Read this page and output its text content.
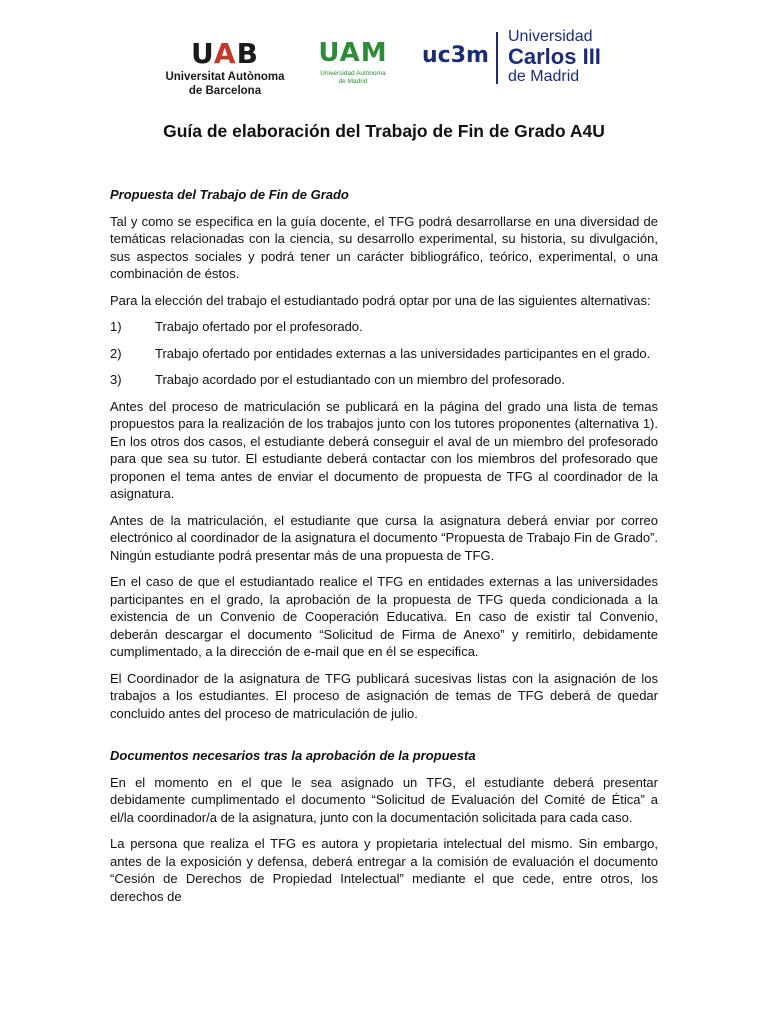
UAB
Universitat Autònoma
de Barcelona
UAM
Universidad Autónoma
de Madrid
uc3m
Universidad
Carlos III
de Madrid
Guía de elaboración del Trabajo de Fin de Grado A4U

Propuesta del Trabajo de Fin de Grado

Tal y como se especifica en la guía docente, el TFG podrá desarrollarse en una diversidad de temáticas relacionadas con la ciencia, su desarrollo experimental, su historia, su divulgación, sus aspectos sociales y podrá tener un carácter bibliográfico, teórico, experimental, o una combinación de éstos.

Para la elección del trabajo el estudiantado podrá optar por una de las siguientes alternativas:

1)	Trabajo ofertado por el profesorado.
2)	Trabajo ofertado por entidades externas a las universidades participantes en el grado.
3)	Trabajo acordado por el estudiantado con un miembro del profesorado.

Antes del proceso de matriculación se publicará en la página del grado una lista de temas propuestos para la realización de los trabajos junto con los tutores proponentes (alternativa 1). En los otros dos casos, el estudiante deberá conseguir el aval de un miembro del profesorado para que sea su tutor. El estudiante deberá contactar con los miembros del profesorado que proponen el tema antes de enviar el documento de propuesta de TFG al coordinador de la asignatura.

Antes de la matriculación, el estudiante que cursa la asignatura deberá enviar por correo electrónico al coordinador de la asignatura el documento “Propuesta de Trabajo Fin de Grado”. Ningún estudiante podrá presentar más de una propuesta de TFG.

En el caso de que el estudiantado realice el TFG en entidades externas a las universidades participantes en el grado, la aprobación de la propuesta de TFG queda condicionada a la existencia de un Convenio de Cooperación Educativa. En caso de existir tal Convenio, deberán descargar el documento “Solicitud de Firma de Anexo” y remitirlo, debidamente cumplimentado, a la dirección de e-mail que en él se especifica.

El Coordinador de la asignatura de TFG publicará sucesivas listas con la asignación de los trabajos a los estudiantes. El proceso de asignación de temas de TFG deberá de quedar concluido antes del proceso de matriculación de julio.

Documentos necesarios tras la aprobación de la propuesta

En el momento en el que le sea asignado un TFG, el estudiante deberá presentar debidamente cumplimentado el documento “Solicitud de Evaluación del Comité de Ética” a el/la coordinador/a de la asignatura, junto con la documentación solicitada para cada caso.

La persona que realiza el TFG es autora y propietaria intelectual del mismo. Sin embargo, antes de la exposición y defensa, deberá entregar a la comisión de evaluación el documento “Cesión de Derechos de Propiedad Intelectual” mediante el que cede, entre otros, los derechos de
